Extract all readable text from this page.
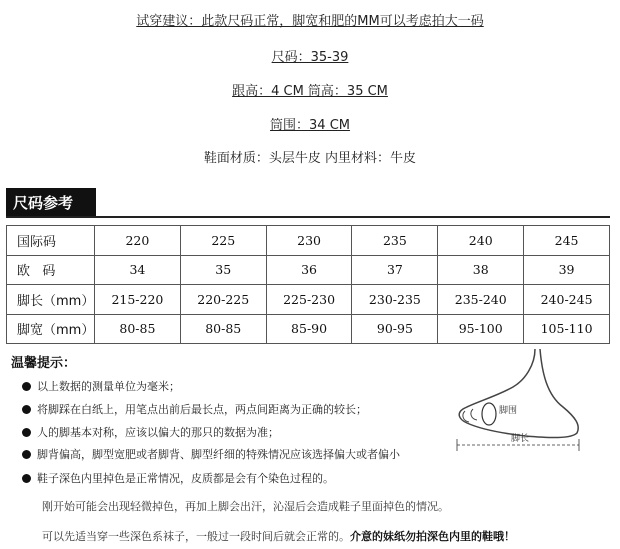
试穿建议：此款尺码正常，脚宽和肥的MM可以考虑拍大一码
尺码：35-39
跟高：4 CM 筒高：35 CM
筒围：34 CM
鞋面材质：头层牛皮 内里材料：牛皮
尺码参考
国际码	220	225	230	235	240	245
欧   码	34	35	36	37	38	39
脚长（mm）	215-220	220-225	225-230	230-235	235-240	240-245
脚宽（mm）	80-85	80-85	85-90	90-95	95-100	105-110
温馨提示：
以上数据的测量单位为毫米；
将脚踩在白纸上，用笔点出前后最长点，两点间距离为正确的较长；
人的脚基本对称，应该以偏大的那只的数据为准；
脚背偏高，脚型宽肥或者脚背、脚型纤细的特殊情况应该选择偏大或者偏小
鞋子深色内里掉色是正常情况，皮质都是会有个染色过程的。
刚开始可能会出现轻微掉色，再加上脚会出汗，沁湿后会造成鞋子里面掉色的情况。
可以先适当穿一些深色系袜子，一般过一段时间后就会正常的。介意的妹纸勿拍深色内里的鞋哦！
脚围
脚长
